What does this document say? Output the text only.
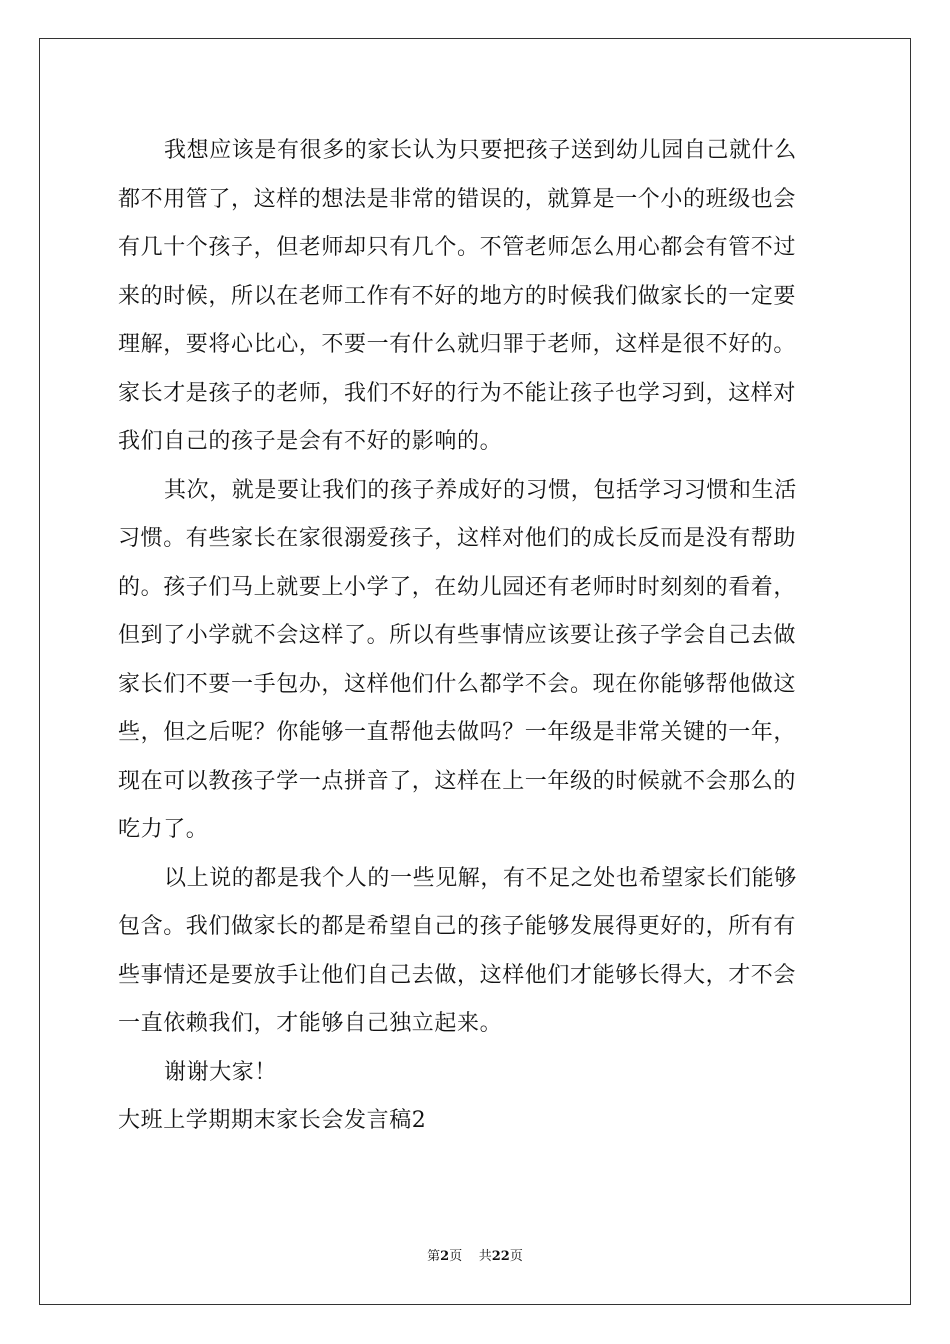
我想应该是有很多的家长认为只要把孩子送到幼儿园自己就什么
都不用管了，这样的想法是非常的错误的，就算是一个小的班级也会
有几十个孩子，但老师却只有几个。不管老师怎么用心都会有管不过
来的时候，所以在老师工作有不好的地方的时候我们做家长的一定要
理解，要将心比心，不要一有什么就归罪于老师，这样是很不好的。
家长才是孩子的老师，我们不好的行为不能让孩子也学习到，这样对
我们自己的孩子是会有不好的影响的。
其次，就是要让我们的孩子养成好的习惯，包括学习习惯和生活
习惯。有些家长在家很溺爱孩子，这样对他们的成长反而是没有帮助
的。孩子们马上就要上小学了，在幼儿园还有老师时时刻刻的看着，
但到了小学就不会这样了。所以有些事情应该要让孩子学会自己去做
家长们不要一手包办，这样他们什么都学不会。现在你能够帮他做这
些，但之后呢？你能够一直帮他去做吗？一年级是非常关键的一年，
现在可以教孩子学一点拼音了，这样在上一年级的时候就不会那么的
吃力了。
以上说的都是我个人的一些见解，有不足之处也希望家长们能够
包含。我们做家长的都是希望自己的孩子能够发展得更好的，所有有
些事情还是要放手让他们自己去做，这样他们才能够长得大，才不会
一直依赖我们，才能够自己独立起来。
谢谢大家！
大班上学期期末家长会发言稿2
第2页 共22页
